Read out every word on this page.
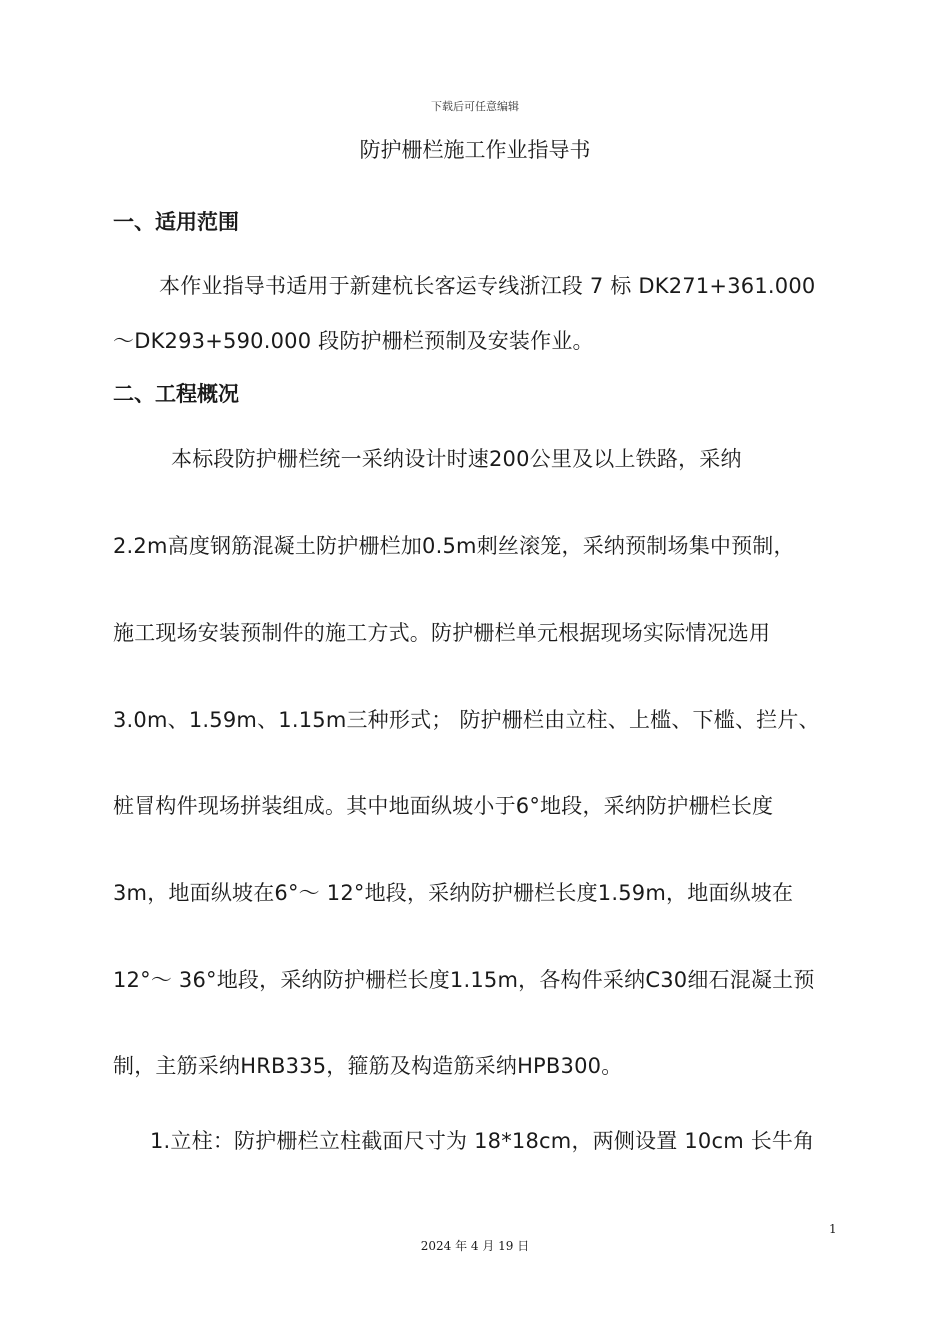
下载后可任意编辑
防护栅栏施工作业指导书
一、适用范围
本作业指导书适用于新建杭长客运专线浙江段 7 标 DK271+361.000
～DK293+590.000 段防护栅栏预制及安装作业。
二、工程概况
本标段防护栅栏统一采纳设计时速200公里及以上铁路，采纳
2.2m高度钢筋混凝土防护栅栏加0.5m刺丝滚笼，采纳预制场集中预制，
施工现场安装预制件的施工方式。防护栅栏单元根据现场实际情况选用
3.0m、1.59m、1.15m三种形式； 防护栅栏由立柱、上槛、下槛、拦片、
桩冒构件现场拼装组成。其中地面纵坡小于6°地段，采纳防护栅栏长度
3m，地面纵坡在6°～ 12°地段，采纳防护栅栏长度1.59m，地面纵坡在
12°～ 36°地段，采纳防护栅栏长度1.15m，各构件采纳C30细石混凝土预
制，主筋采纳HRB335，箍筋及构造筋采纳HPB300。
1.立柱：防护栅栏立柱截面尺寸为 18*18cm，两侧设置 10cm 长牛角
1
2024 年 4 月 19 日
